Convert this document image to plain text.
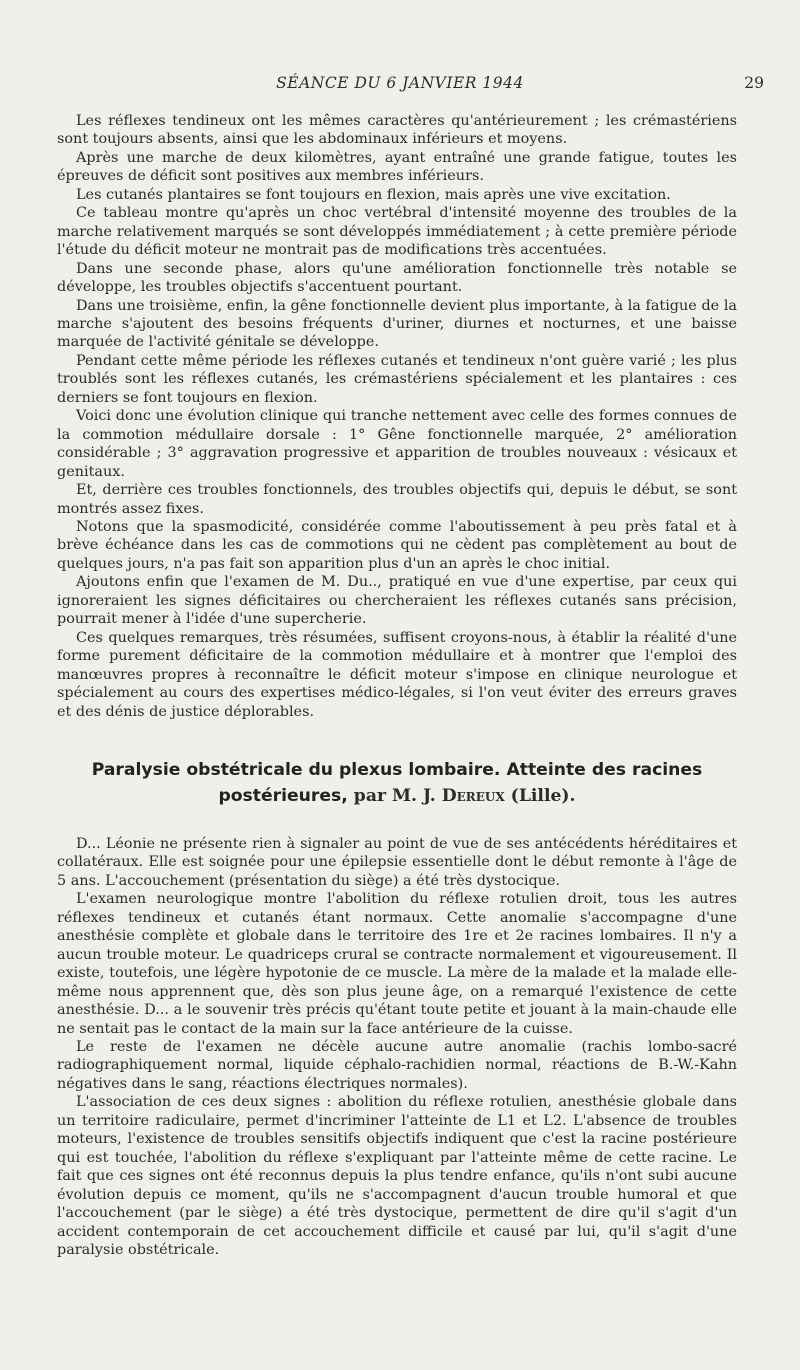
SÉANCE DU 6 JANVIER 1944	29

Les réflexes tendineux ont les mêmes caractères qu'antérieurement ; les crémastériens sont toujours absents, ainsi que les abdominaux inférieurs et moyens.

Après une marche de deux kilomètres, ayant entraîné une grande fatigue, toutes les épreuves de déficit sont positives aux membres inférieurs.

Les cutanés plantaires se font toujours en flexion, mais après une vive excitation.

Ce tableau montre qu'après un choc vertébral d'intensité moyenne des troubles de la marche relativement marqués se sont développés immédiatement ; à cette première période l'étude du déficit moteur ne montrait pas de modifications très accentuées.

Dans une seconde phase, alors qu'une amélioration fonctionnelle très notable se développe, les troubles objectifs s'accentuent pourtant.

Dans une troisième, enfin, la gêne fonctionnelle devient plus importante, à la fatigue de la marche s'ajoutent des besoins fréquents d'uriner, diurnes et nocturnes, et une baisse marquée de l'activité génitale se développe.

Pendant cette même période les réflexes cutanés et tendineux n'ont guère varié ; les plus troublés sont les réflexes cutanés, les crémastériens spécialement et les plantaires : ces derniers se font toujours en flexion.

Voici donc une évolution clinique qui tranche nettement avec celle des formes connues de la commotion médullaire dorsale : 1° Gêne fonctionnelle marquée, 2° amélioration considérable ; 3° aggravation progressive et apparition de troubles nouveaux : vésicaux et genitaux.

Et, derrière ces troubles fonctionnels, des troubles objectifs qui, depuis le début, se sont montrés assez fixes.

Notons que la spasmodicité, considérée comme l'aboutissement à peu près fatal et à brève échéance dans les cas de commotions qui ne cèdent pas complètement au bout de quelques jours, n'a pas fait son apparition plus d'un an après le choc initial.

Ajoutons enfin que l'examen de M. Du.., pratiqué en vue d'une expertise, par ceux qui ignoreraient les signes déficitaires ou chercheraient les réflexes cutanés sans précision, pourrait mener à l'idée d'une supercherie.

Ces quelques remarques, très résumées, suffisent croyons-nous, à établir la réalité d'une forme purement déficitaire de la commotion médullaire et à montrer que l'emploi des manœuvres propres à reconnaître le déficit moteur s'impose en clinique neurologue et spécialement au cours des expertises médico-légales, si l'on veut éviter des erreurs graves et des dénis de justice déplorables.

Paralysie obstétricale du plexus lombaire. Atteinte des racines
postérieures, par M. J. Dereux (Lille).

D... Léonie ne présente rien à signaler au point de vue de ses antécédents héréditaires et collatéraux. Elle est soignée pour une épilepsie essentielle dont le début remonte à l'âge de 5 ans. L'accouchement (présentation du siège) a été très dystocique.

L'examen neurologique montre l'abolition du réflexe rotulien droit, tous les autres réflexes tendineux et cutanés étant normaux. Cette anomalie s'accompagne d'une anesthésie complète et globale dans le territoire des 1re et 2e racines lombaires. Il n'y a aucun trouble moteur. Le quadriceps crural se contracte normalement et vigoureusement. Il existe, toutefois, une légère hypotonie de ce muscle. La mère de la malade et la malade elle-même nous apprennent que, dès son plus jeune âge, on a remarqué l'existence de cette anesthésie. D... a le souvenir très précis qu'étant toute petite et jouant à la main-chaude elle ne sentait pas le contact de la main sur la face antérieure de la cuisse.

Le reste de l'examen ne décèle aucune autre anomalie (rachis lombo-sacré radiographiquement normal, liquide céphalo-rachidien normal, réactions de B.-W.-Kahn négatives dans le sang, réactions électriques normales).

L'association de ces deux signes : abolition du réflexe rotulien, anesthésie globale dans un territoire radiculaire, permet d'incriminer l'atteinte de L1 et L2. L'absence de troubles moteurs, l'existence de troubles sensitifs objectifs indiquent que c'est la racine postérieure qui est touchée, l'abolition du réflexe s'expliquant par l'atteinte même de cette racine. Le fait que ces signes ont été reconnus depuis la plus tendre enfance, qu'ils n'ont subi aucune évolution depuis ce moment, qu'ils ne s'accompagnent d'aucun trouble humoral et que l'accouchement (par le siège) a été très dystocique, permettent de dire qu'il s'agit d'un accident contemporain de cet accouchement difficile et causé par lui, qu'il s'agit d'une paralysie obstétricale.
